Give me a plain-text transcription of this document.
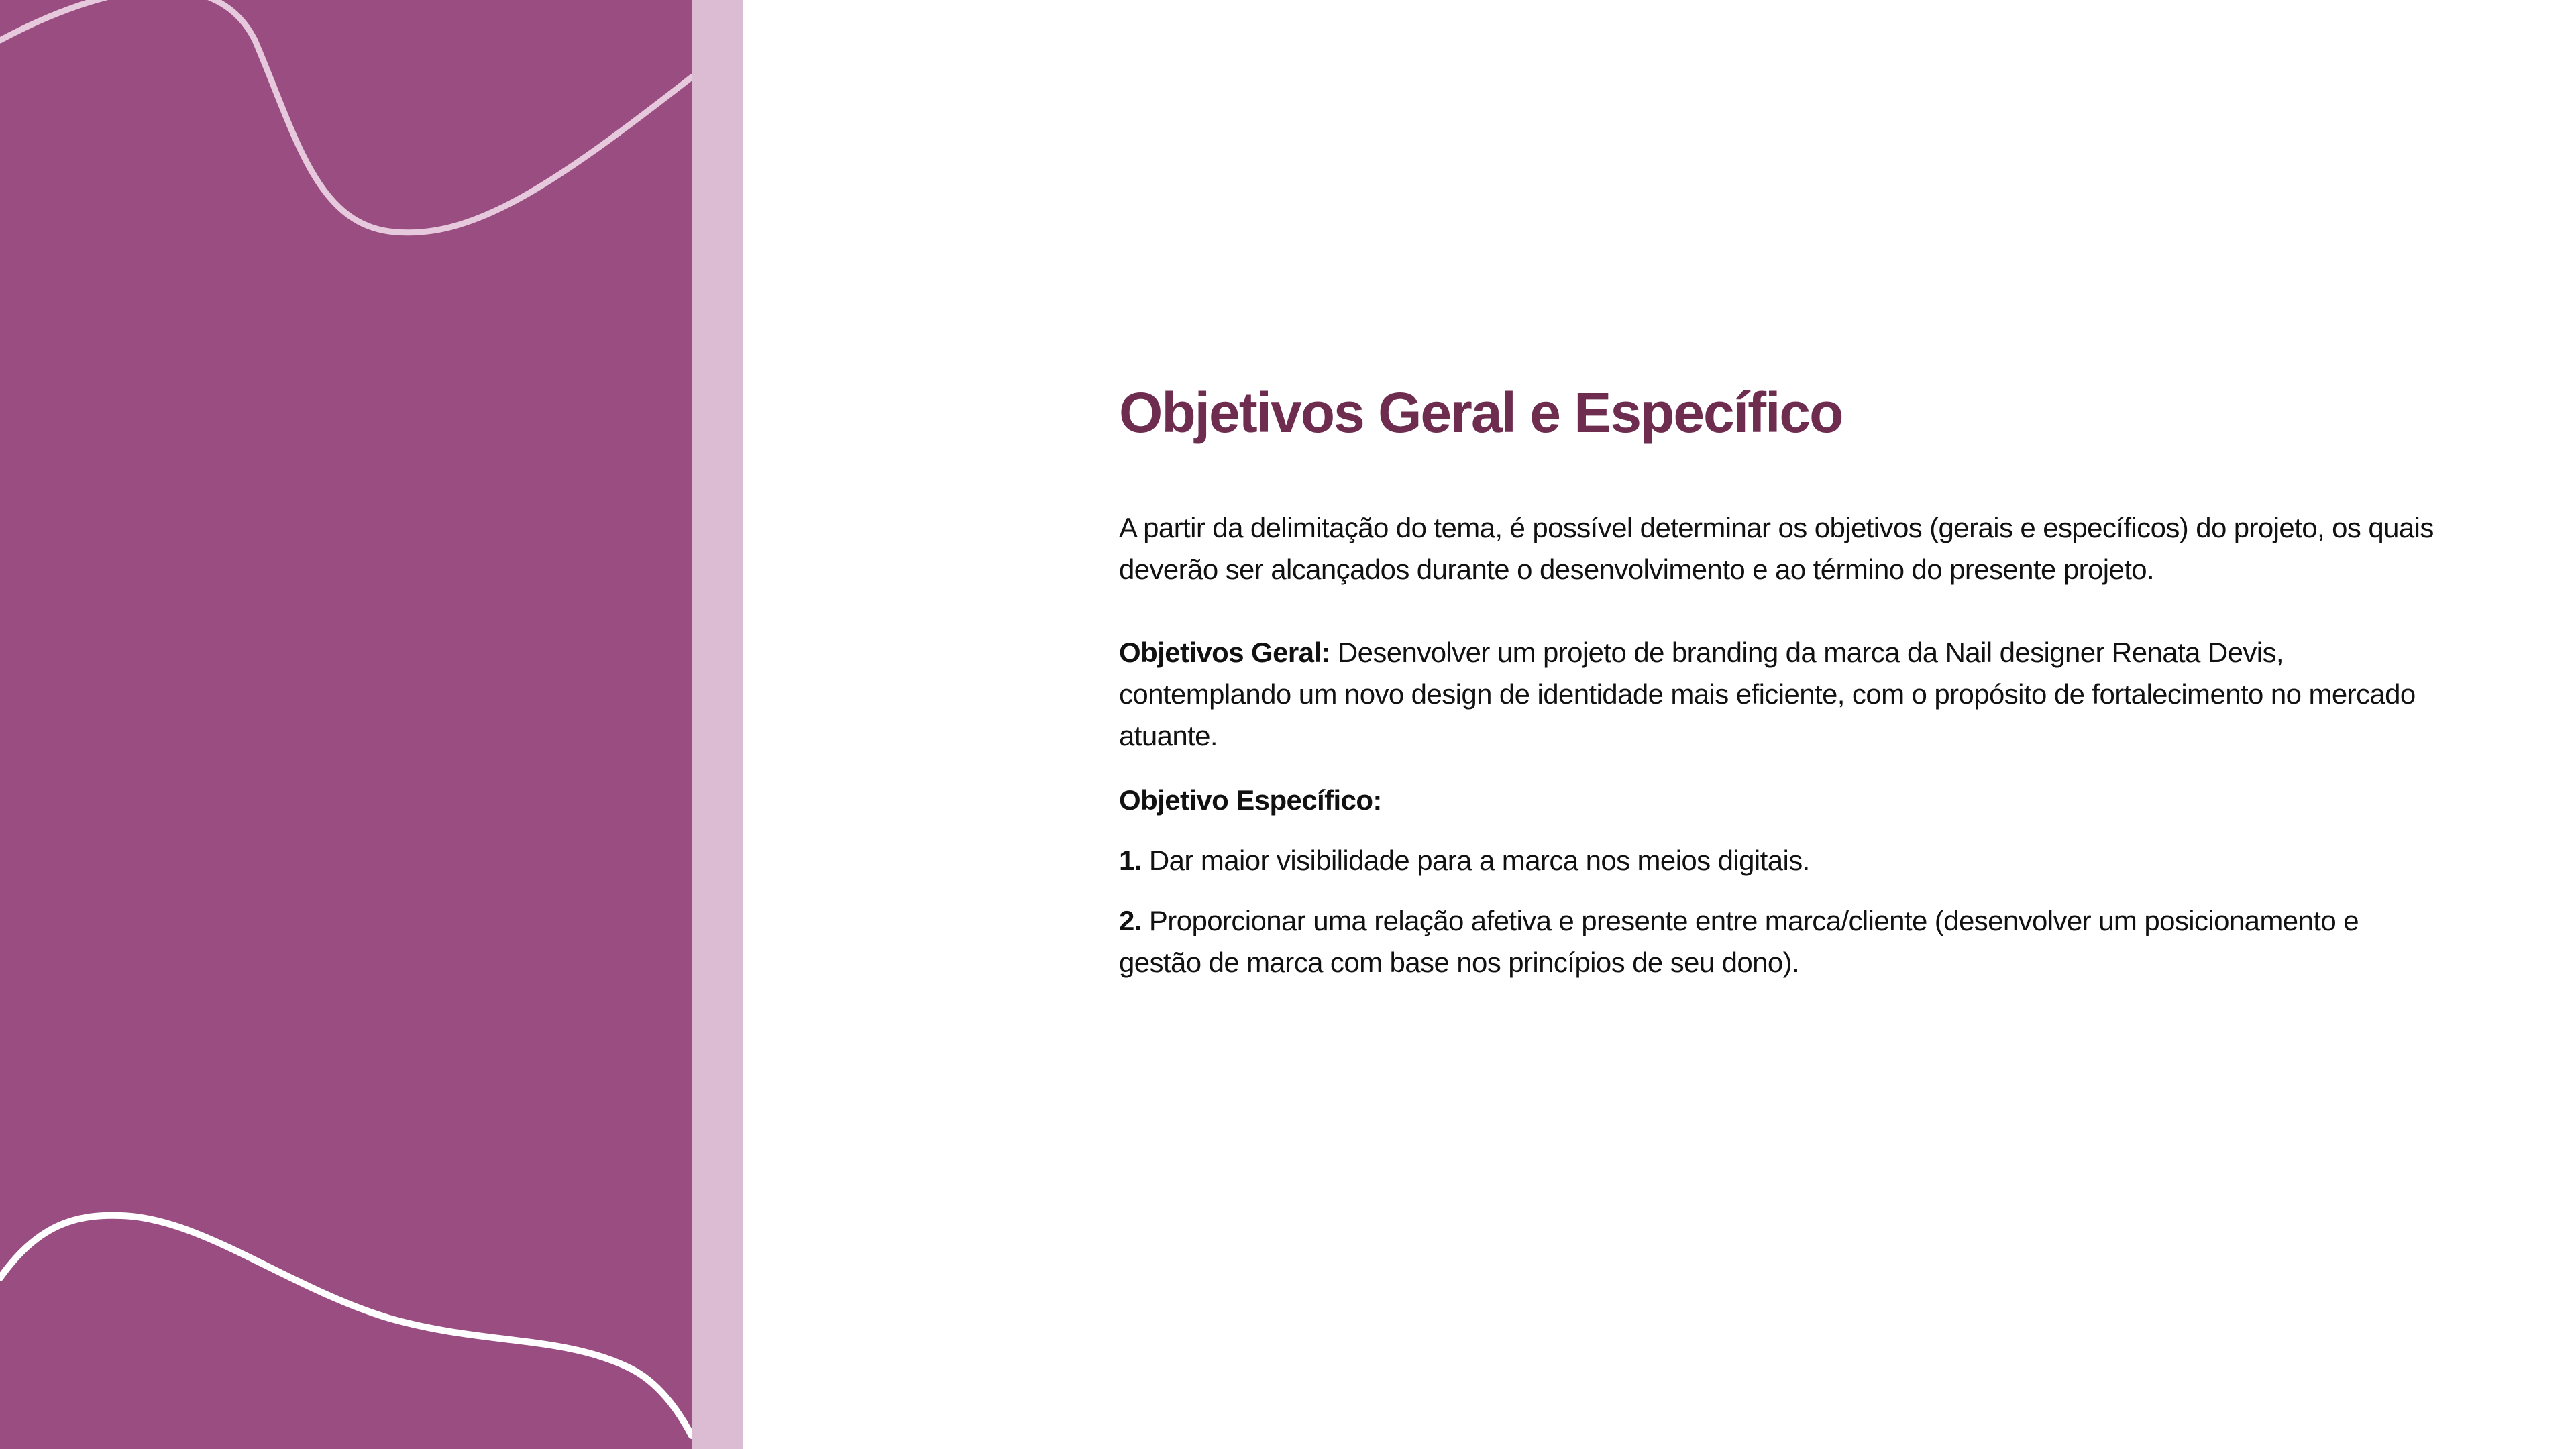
Objetivos Geral e Específico

A partir da delimitação do tema, é possível determinar os objetivos (gerais e específicos) do projeto, os quais deverão ser alcançados durante o desenvolvimento e ao término do presente projeto.

Objetivos Geral: Desenvolver um projeto de branding da marca da Nail designer Renata Devis, contemplando um novo design de identidade mais eficiente, com o propósito de fortalecimento no mercado atuante.

Objetivo Específico:

1. Dar maior visibilidade para a marca nos meios digitais.

2. Proporcionar uma relação afetiva e presente entre marca/cliente (desenvolver um posicionamento e gestão de marca com base nos princípios de seu dono).
